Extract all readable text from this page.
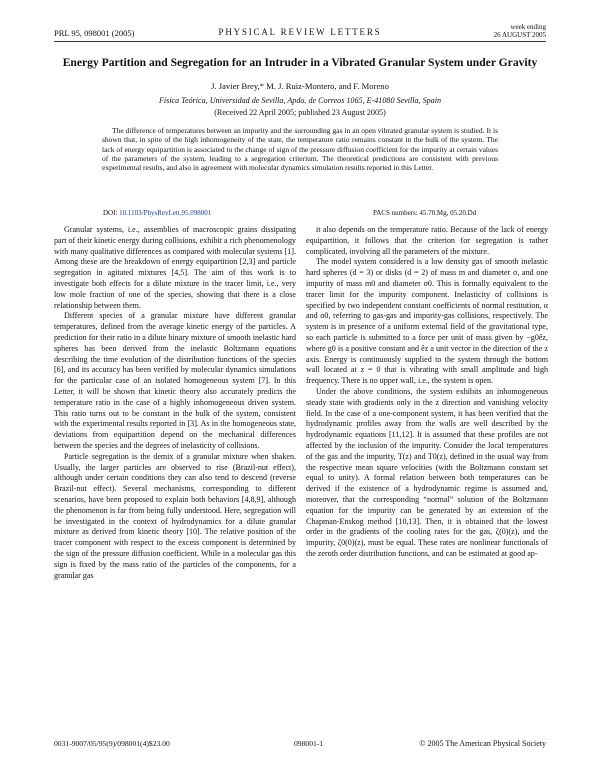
PRL 95, 098001 (2005)	PHYSICAL REVIEW LETTERS	week ending
26 AUGUST 2005
Energy Partition and Segregation for an Intruder in a Vibrated Granular System under Gravity
J. Javier Brey,* M. J. Ruiz-Montero, and F. Moreno
Física Teórica, Universidad de Sevilla, Apdo. de Correos 1065, E-41080 Sevilla, Spain
(Received 22 April 2005; published 23 August 2005)
The difference of temperatures between an impurity and the surrounding gas in an open vibrated granular system is studied. It is shown that, in spite of the high inhomogeneity of the state, the temperature ratio remains constant in the bulk of the system. The lack of energy equipartition is associated to the change of sign of the pressure diffusion coefficient for the impurity at certain values of the parameters of the system, leading to a segregation criterium. The theoretical predictions are consistent with previous experimental results, and also in agreement with molecular dynamics simulation results reported in this Letter.
DOI: 10.1103/PhysRevLett.95.098001	PACS numbers: 45.70.Mg, 05.20.Dd

Granular systems, i.e., assemblies of macroscopic grains dissipating part of their kinetic energy during collisions, exhibit a rich phenomenology with many qualitative differences as compared with molecular systems [1]. Among these are the breakdown of energy equipartition [2,3] and particle segregation in agitated mixtures [4,5]. The aim of this work is to investigate both effects for a dilute mixture in the tracer limit, i.e., very low mole fraction of one of the species, showing that there is a close relationship between them.

Different species of a granular mixture have different granular temperatures, defined from the average kinetic energy of the particles. A prediction for their ratio in a dilute binary mixture of smooth inelastic hard spheres has been derived from the inelastic Boltzmann equations describing the time evolution of the distribution functions of the species [6], and its accuracy has been verified by molecular dynamics simulations for the particular case of an isolated homogeneous system [7]. In this Letter, it will be shown that kinetic theory also accurately predicts the temperature ratio in the case of a highly inhomogeneous driven system. This ratio turns out to be constant in the bulk of the system, consistent with the experimental results reported in [3]. As in the homogeneous state, deviations from equipartition depend on the mechanical differences between the species and the degrees of inelasticity of collisions.

Particle segregation is the demix of a granular mixture when shaken. Usually, the larger particles are observed to rise (Brazil-nut effect), although under certain conditions they can also tend to descend (reverse Brazil-nut effect). Several mechanisms, corresponding to different scenarios, have been proposed to explain both behaviors [4,8,9], although the phenomenon is far from being fully understood. Here, segregation will be investigated in the context of hydrodynamics for a dilute granular mixture as derived from kinetic theory [10]. The relative position of the tracer component with respect to the excess component is determined by the sign of the pressure diffusion coefficient. While in a molecular gas this sign is fixed by the mass ratio of the particles of the components, for a granular gas

it also depends on the temperature ratio. Because of the lack of energy equipartition, it follows that the criterion for segregation is rather complicated, involving all the parameters of the mixture.

The model system considered is a low density gas of smooth inelastic hard spheres (d = 3) or disks (d = 2) of mass m and diameter σ, and one impurity of mass m0 and diameter σ0. This is formally equivalent to the tracer limit for the impurity component. Inelasticity of collisions is specified by two independent constant coefficients of normal restitution, α and α0, referring to gas-gas and impurity-gas collisions, respectively. The system is in presence of a uniform external field of the gravitational type, so each particle is submitted to a force per unit of mass given by −g0êz, where g0 is a positive constant and êz a unit vector in the direction of the z axis. Energy is continuously supplied to the system through the bottom wall located at z = 0 that is vibrating with small amplitude and high frequency. There is no upper wall, i.e., the system is open.

Under the above conditions, the system exhibits an inhomogeneous steady state with gradients only in the z direction and vanishing velocity field. In the case of a one-component system, it has been verified that the hydrodynamic profiles away from the walls are well described by the hydrodynamic equations [11,12]. It is assumed that these profiles are not affected by the inclusion of the impurity. Consider the local temperatures of the gas and the impurity, T(z) and T0(z), defined in the usual way from the respective mean square velocities (with the Boltzmann constant set equal to unity). A formal relation between both temperatures can be derived if the existence of a hydrodynamic regime is assumed and, moreover, that the corresponding “normal” solution of the Boltzmann equation for the impurity can be generated by an extension of the Chapman-Enskog method [10,13]. Then, it is obtained that the lowest order in the gradients of the cooling rates for the gas, ζ(0)(z), and the impurity, ζ0(0)(z), must be equal. These rates are nonlinear functionals of the zeroth order distribution functions, and can be estimated at good ap-

0031-9007/05/95(9)/098001(4)$23.00	098001-1	© 2005 The American Physical Society
